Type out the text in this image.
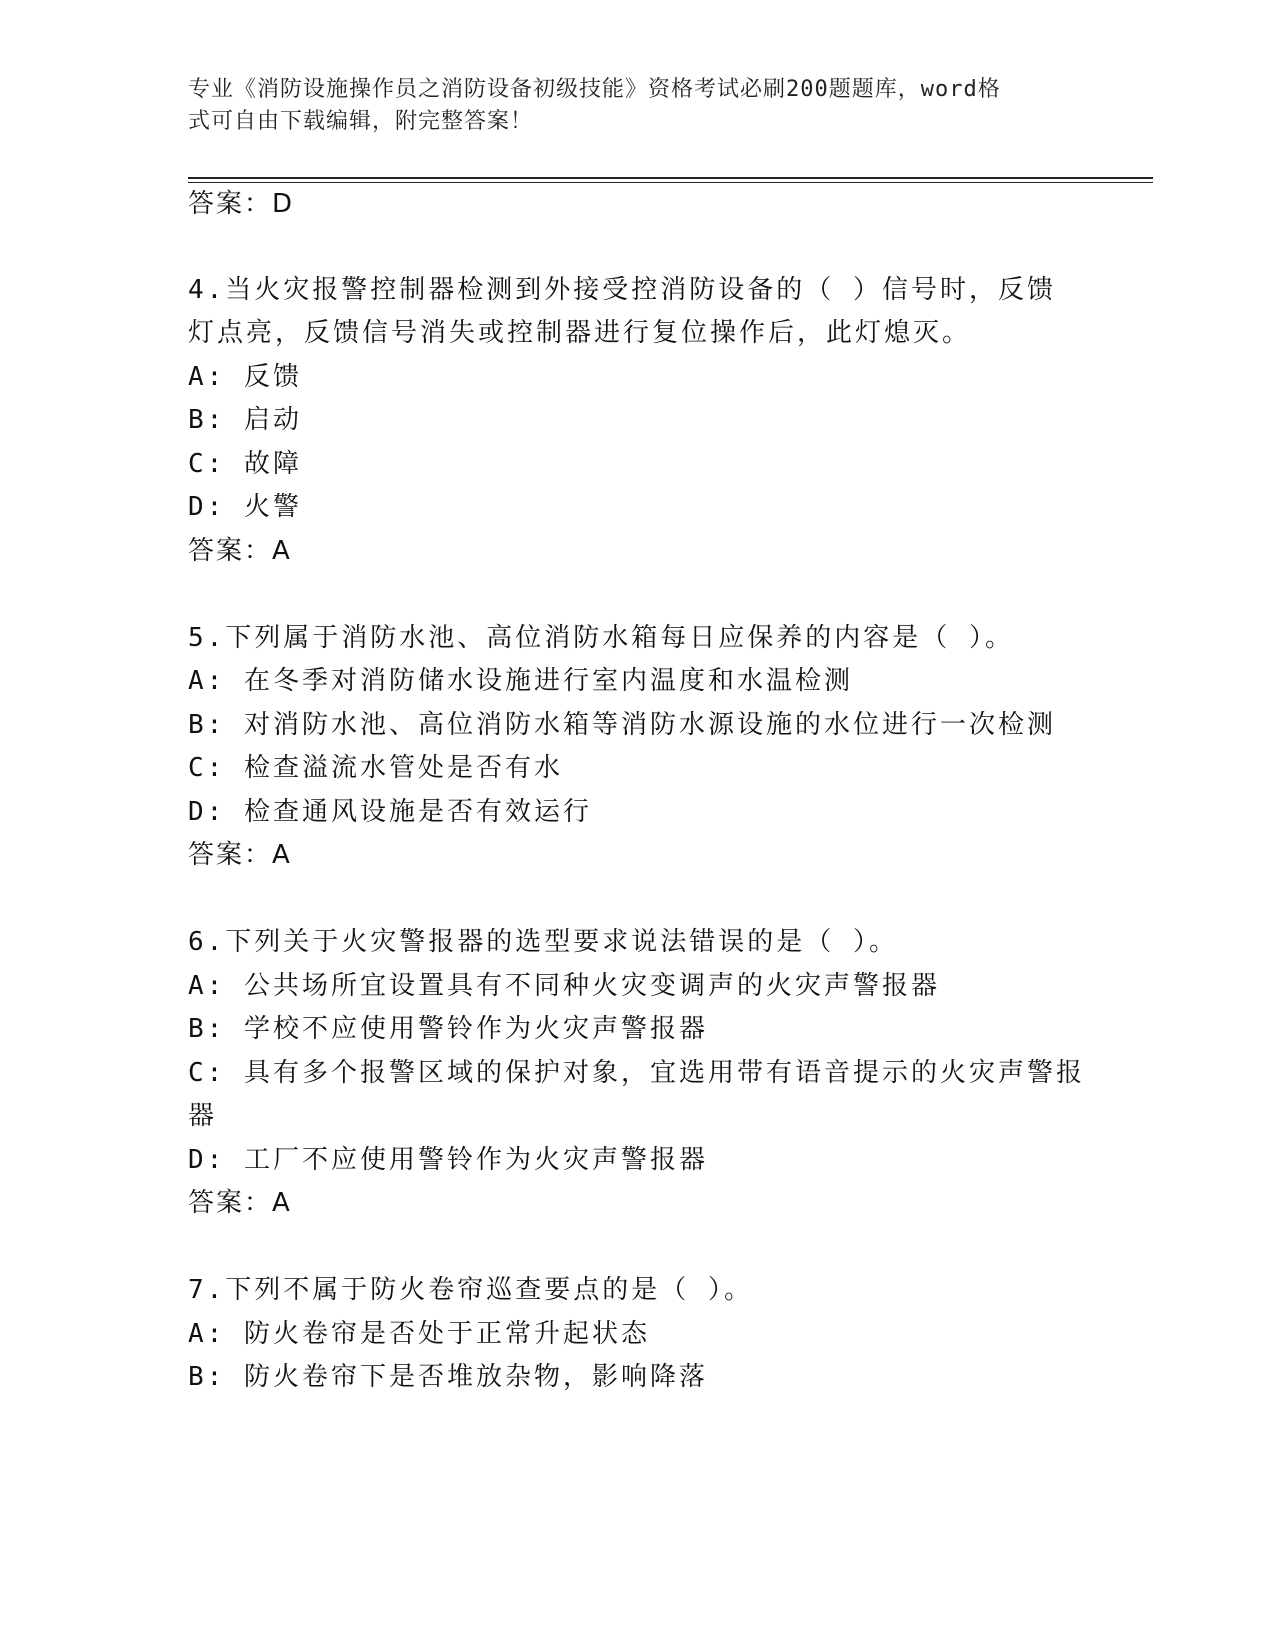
专业《消防设施操作员之消防设备初级技能》资格考试必刷200题题库，word格
式可自由下载编辑，附完整答案！
答案：D
4.当火灾报警控制器检测到外接受控消防设备的（ ）信号时，反馈
灯点亮，反馈信号消失或控制器进行复位操作后，此灯熄灭。
A: 反馈
B: 启动
C: 故障
D: 火警
答案：A
5.下列属于消防水池、高位消防水箱每日应保养的内容是（ ）。
A: 在冬季对消防储水设施进行室内温度和水温检测
B: 对消防水池、高位消防水箱等消防水源设施的水位进行一次检测
C: 检查溢流水管处是否有水
D: 检查通风设施是否有效运行
答案：A
6.下列关于火灾警报器的选型要求说法错误的是（ ）。
A: 公共场所宜设置具有不同种火灾变调声的火灾声警报器
B: 学校不应使用警铃作为火灾声警报器
C: 具有多个报警区域的保护对象，宜选用带有语音提示的火灾声警报
器
D: 工厂不应使用警铃作为火灾声警报器
答案：A
7.下列不属于防火卷帘巡查要点的是（ ）。
A: 防火卷帘是否处于正常升起状态
B: 防火卷帘下是否堆放杂物，影响降落
